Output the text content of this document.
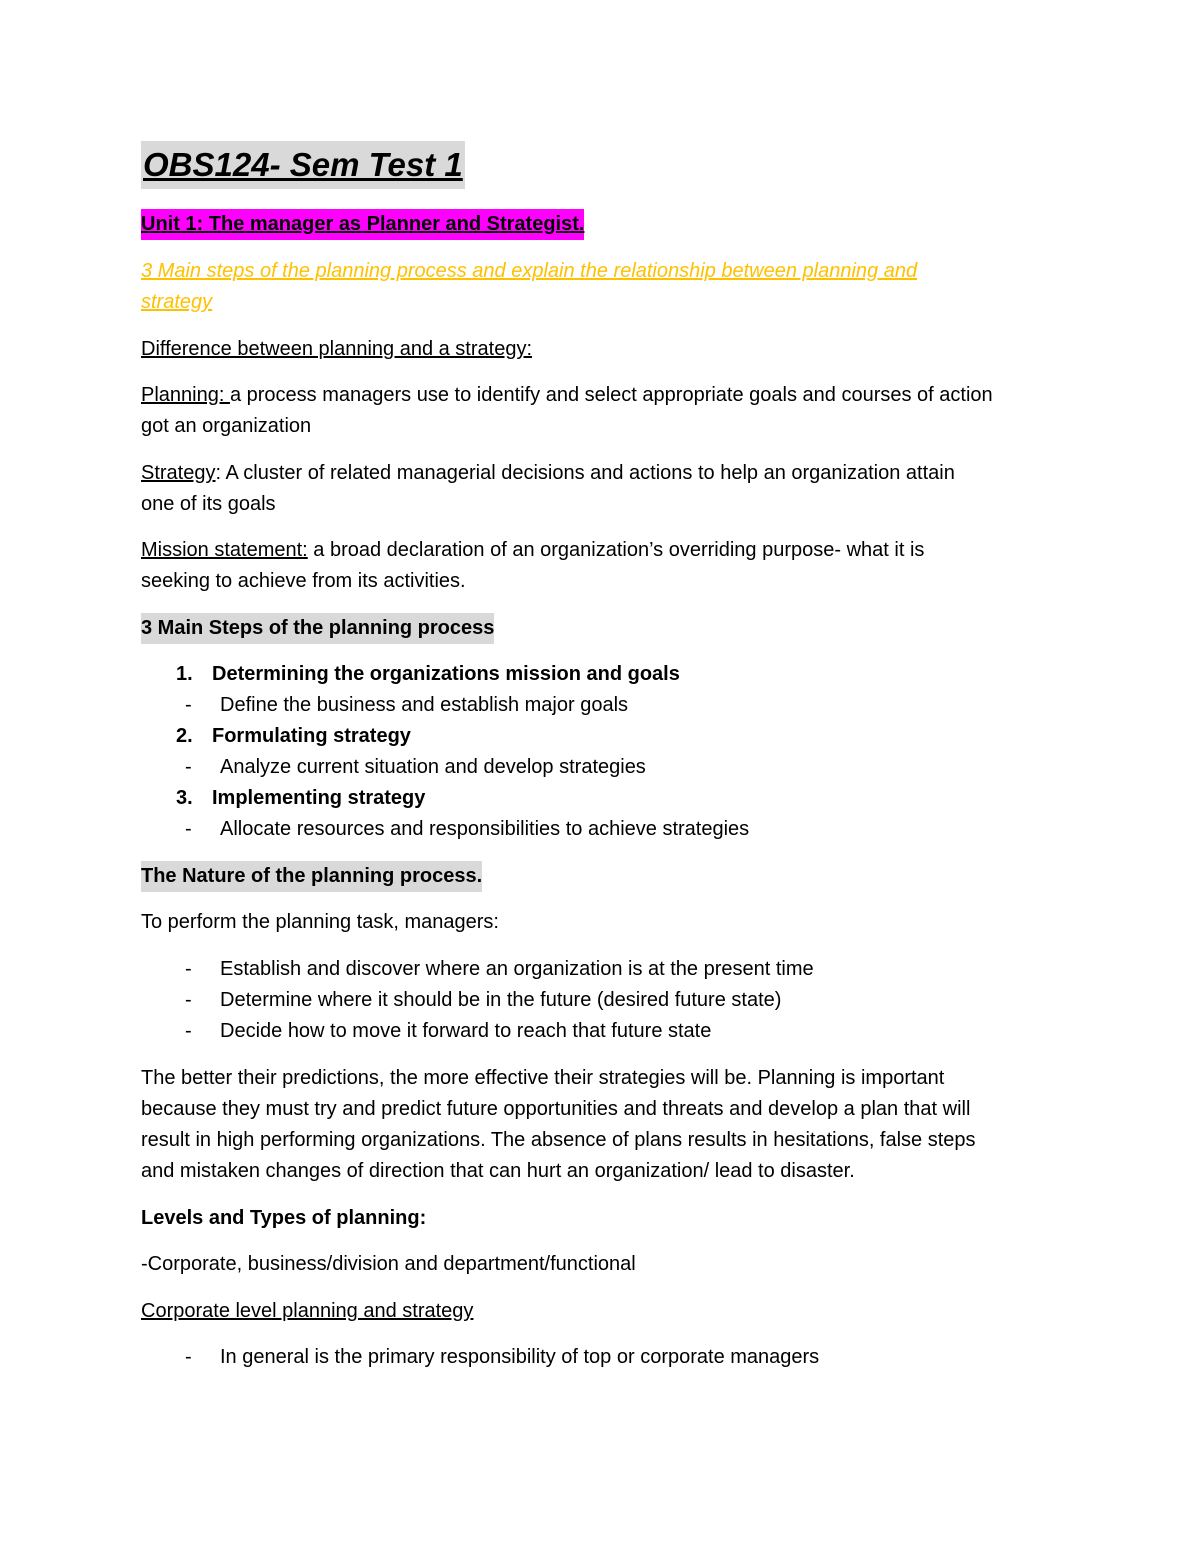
OBS124- Sem Test 1
Unit 1: The manager as Planner and Strategist.
3 Main steps of the planning process and explain the relationship between planning and
strategy
Difference between planning and a strategy:
Planning: a process managers use to identify and select appropriate goals and courses of action
got an organization
Strategy: A cluster of related managerial decisions and actions to help an organization attain
one of its goals
Mission statement: a broad declaration of an organization’s overriding purpose- what it is
seeking to achieve from its activities.
3 Main Steps of the planning process
1. Determining the organizations mission and goals
- Define the business and establish major goals
2. Formulating strategy
- Analyze current situation and develop strategies
3. Implementing strategy
- Allocate resources and responsibilities to achieve strategies
The Nature of the planning process.
To perform the planning task, managers:
- Establish and discover where an organization is at the present time
- Determine where it should be in the future (desired future state)
- Decide how to move it forward to reach that future state
The better their predictions, the more effective their strategies will be. Planning is important
because they must try and predict future opportunities and threats and develop a plan that will
result in high performing organizations. The absence of plans results in hesitations, false steps
and mistaken changes of direction that can hurt an organization/ lead to disaster.
Levels and Types of planning:
-Corporate, business/division and department/functional
Corporate level planning and strategy
- In general is the primary responsibility of top or corporate managers
